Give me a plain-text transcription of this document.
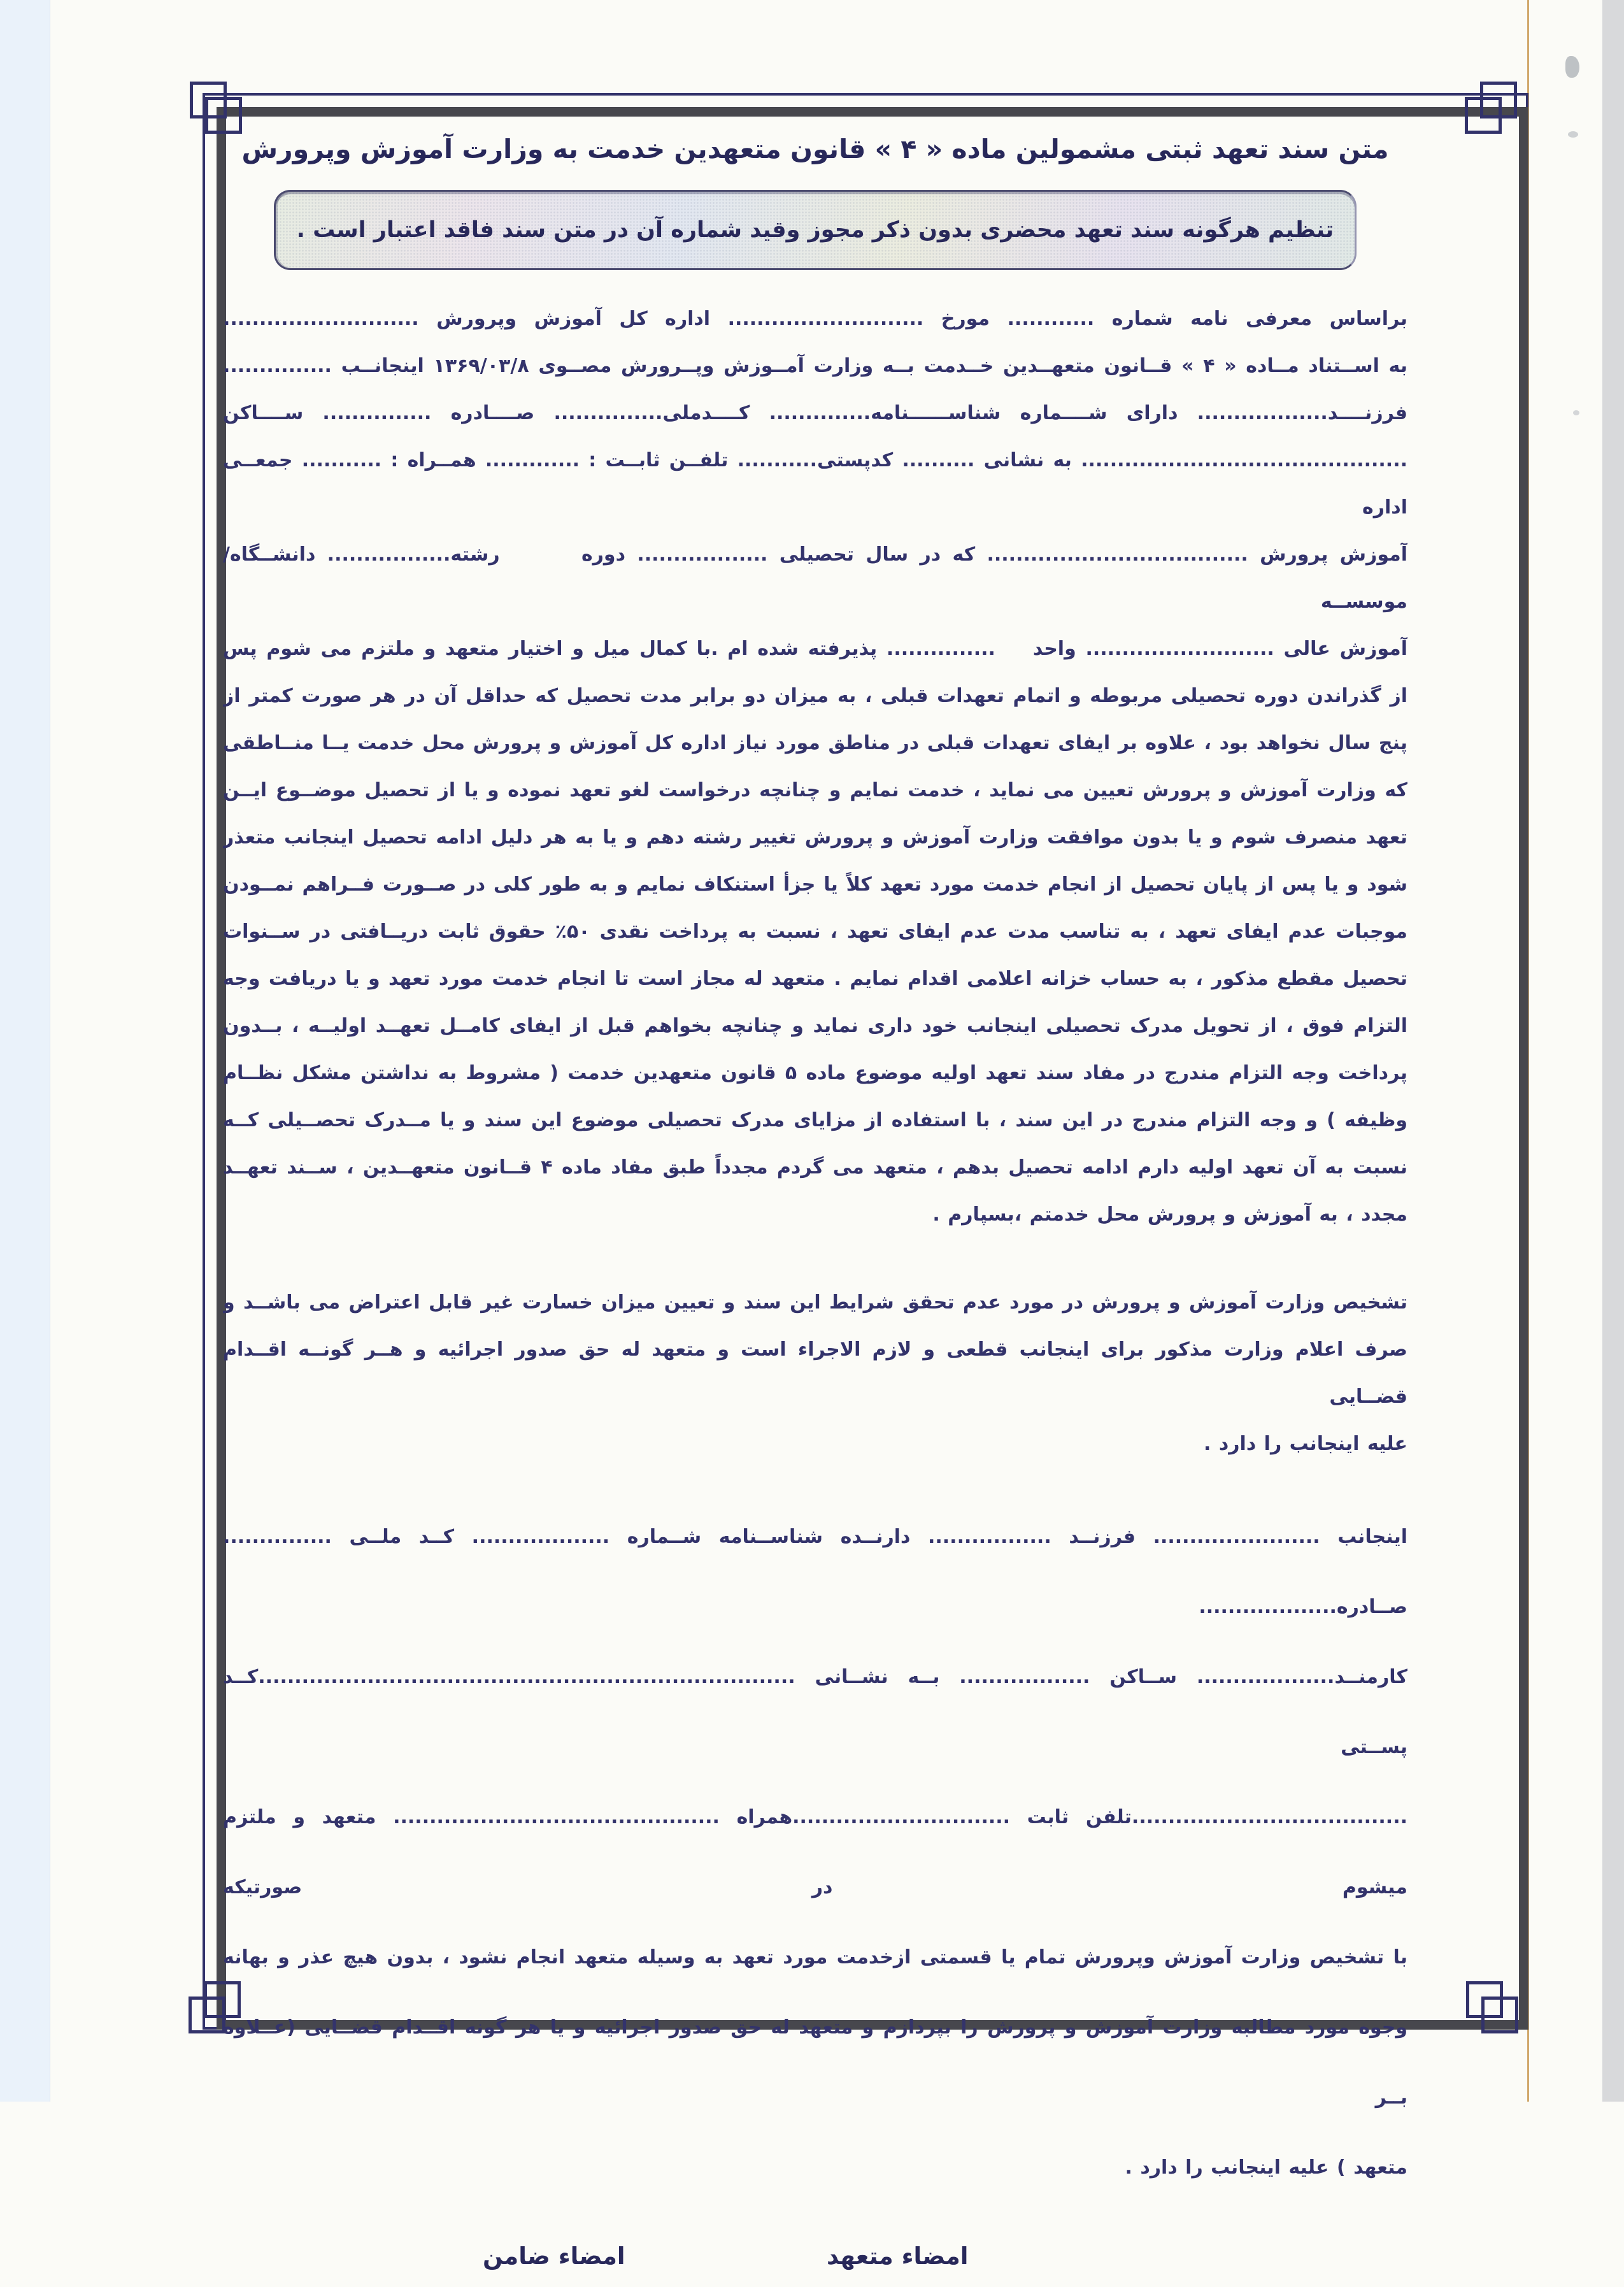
متن سند تعهد ثبتی مشمولین ماده « ۴ » قانون متعهدین خدمت به وزارت آموزش وپرورش
تنظیم هرگونه سند تعهد محضری بدون ذکر مجوز وقید شماره آن در متن سند فاقد اعتبار است .
براساس معرفی نامه شماره ............ مورخ ........................... اداره کل آموزش وپرورش ...........................
به اســتناد مــاده « ۴ » قــانون متعهــدین خــدمت بــه وزارت آمــوزش وپــرورش مصــوی ۱۳۶۹/۰۳/۸ اینجانــب ...............
فرزنــــد.................. دارای شــــماره شناســــــنامه.............. کــــدملی............... صــــادره ............... ســــاکن
............................................. به نشانی .......... کدپستی........... تلفــن ثابــت : ............. همــراه : ........... جمعــی اداره
آموزش پرورش .................................... که در سال تحصیلی .................. دوره       رشته................. دانشــگاه/ موسســه
آموزش عالی .......................... واحد    ............... پذیرفته شده ام .با کمال میل و اختیار متعهد و ملتزم می شوم پس
از گذراندن دوره تحصیلی مربوطه و اتمام تعهدات قبلی ، به میزان دو برابر مدت تحصیل که حداقل آن در هر صورت کمتر از
پنج سال نخواهد بود ، علاوه بر ایفای تعهدات قبلی در مناطق مورد نیاز اداره کل آموزش و پرورش محل خدمت یــا منــاطقی
که وزارت آموزش و پرورش تعیین می نماید ، خدمت نمایم و چنانچه درخواست لغو تعهد نموده و یا از تحصیل موضــوع ایــن
تعهد منصرف شوم و یا بدون موافقت وزارت آموزش و پرورش تغییر رشته دهم و یا به هر دلیل ادامه تحصیل اینجانب متعذر
شود و یا پس از پایان تحصیل از انجام خدمت مورد تعهد کلاً یا جزأ استنکاف نمایم و به طور کلی در صــورت فــراهم نمــودن
موجبات عدم ایفای تعهد ، به تناسب مدت عدم ایفای تعهد ، نسبت به پرداخت نقدی ۵۰٪ حقوق ثابت دریــافتی در ســنوات
تحصیل مقطع مذکور ، به حساب خزانه اعلامی اقدام نمایم . متعهد له مجاز است تا انجام خدمت مورد تعهد و یا دریافت وجه
التزام فوق ، از تحویل مدرک تحصیلی اینجانب خود داری نماید و چنانچه بخواهم قبل از ایفای کامــل تعهــد اولیــه ، بــدون
پرداخت وجه التزام مندرج در مفاد سند تعهد اولیه موضوع ماده ۵ قانون متعهدین خدمت ( مشروط به نداشتن مشکل نظــام
وظیفه ) و وجه التزام مندرج در این سند ، با استفاده از مزایای مدرک تحصیلی موضوع این سند و یا مــدرک تحصــیلی کــه
نسبت به آن تعهد اولیه دارم ادامه تحصیل بدهم ، متعهد می گردم مجدداً طبق مفاد ماده ۴ قــانون متعهــدین ، ســند تعهــد
مجدد ، به آموزش و پرورش محل خدمتم ،بسپارم .
تشخیص وزارت آموزش و پرورش در مورد عدم تحقق شرایط این سند و تعیین میزان خسارت غیر قابل اعتراض می باشــد و
صرف اعلام وزارت مذکور برای اینجانب قطعی و لازم الاجراء است و متعهد له حق صدور اجرائیه و هــر گونــه اقــدام قضــایی
علیه اینجانب را دارد .
اینجانب ....................... فرزنــد ................. دارنــده شناســنامه شــماره ................... کــد ملــی ............... صــادره...................
کارمنــد................... ســاکن .................. بــه نشــانی ..........................................................................کــد پســتی
......................................تلفن ثابت ..............................همراه ............................................. متعهد و ملتزم میشوم در صورتیکه
با تشخیص وزارت آموزش وپرورش تمام یا قسمتی ازخدمت مورد تعهد به وسیله متعهد انجام نشود ، بدون هیچ عذر و بهانه
وجوه مورد مطالبه وزارت آموزش و پرورش را بپردازم و متعهد له حق صدور اجرائیه و یا هر گونه اقــدام قضــایی (عــلاوه بــر
متعهد ) علیه اینجانب را دارد .
امضاء متعهد
امضاء ضامن
